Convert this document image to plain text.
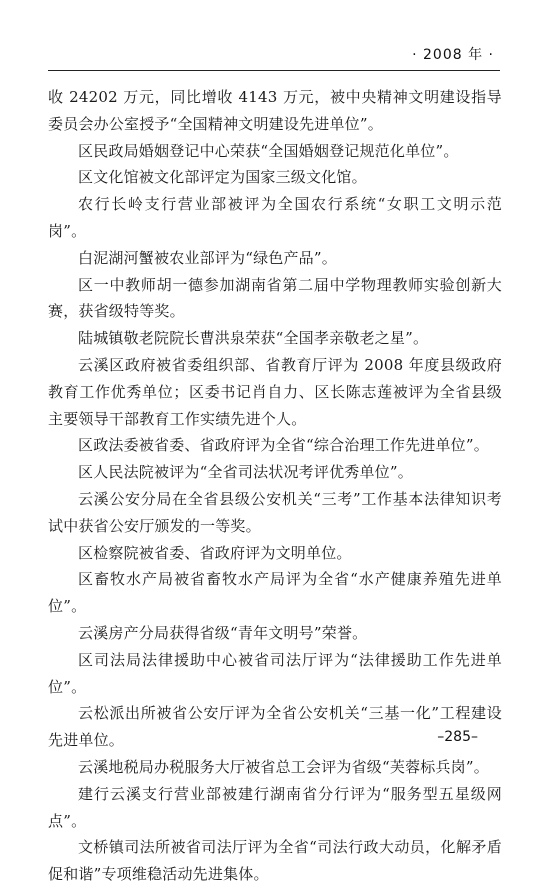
· 2008 年 ·

收 24202 万元，同比增收 4143 万元，被中央精神文明建设指导委员会办公室授予“全国精神文明建设先进单位”。

区民政局婚姻登记中心荣获“全国婚姻登记规范化单位”。

区文化馆被文化部评定为国家三级文化馆。

农行长岭支行营业部被评为全国农行系统“女职工文明示范岗”。

白泥湖河蟹被农业部评为“绿色产品”。

区一中教师胡一德参加湖南省第二届中学物理教师实验创新大赛，获省级特等奖。

陆城镇敬老院院长曹洪泉荣获“全国孝亲敬老之星”。

云溪区政府被省委组织部、省教育厅评为 2008 年度县级政府教育工作优秀单位；区委书记肖自力、区长陈志莲被评为全省县级主要领导干部教育工作实绩先进个人。

区政法委被省委、省政府评为全省“综合治理工作先进单位”。

区人民法院被评为“全省司法状况考评优秀单位”。

云溪公安分局在全省县级公安机关“三考”工作基本法律知识考试中获省公安厅颁发的一等奖。

区检察院被省委、省政府评为文明单位。

区畜牧水产局被省畜牧水产局评为全省“水产健康养殖先进单位”。

云溪房产分局获得省级“青年文明号”荣誉。

区司法局法律援助中心被省司法厅评为“法律援助工作先进单位”。

云松派出所被省公安厅评为全省公安机关“三基一化”工程建设先进单位。

云溪地税局办税服务大厅被省总工会评为省级“芙蓉标兵岗”。

建行云溪支行营业部被建行湖南省分行评为“服务型五星级网点”。

文桥镇司法所被省司法厅评为全省“司法行政大动员，化解矛盾促和谐”专项维稳活动先进集体。

–285–
